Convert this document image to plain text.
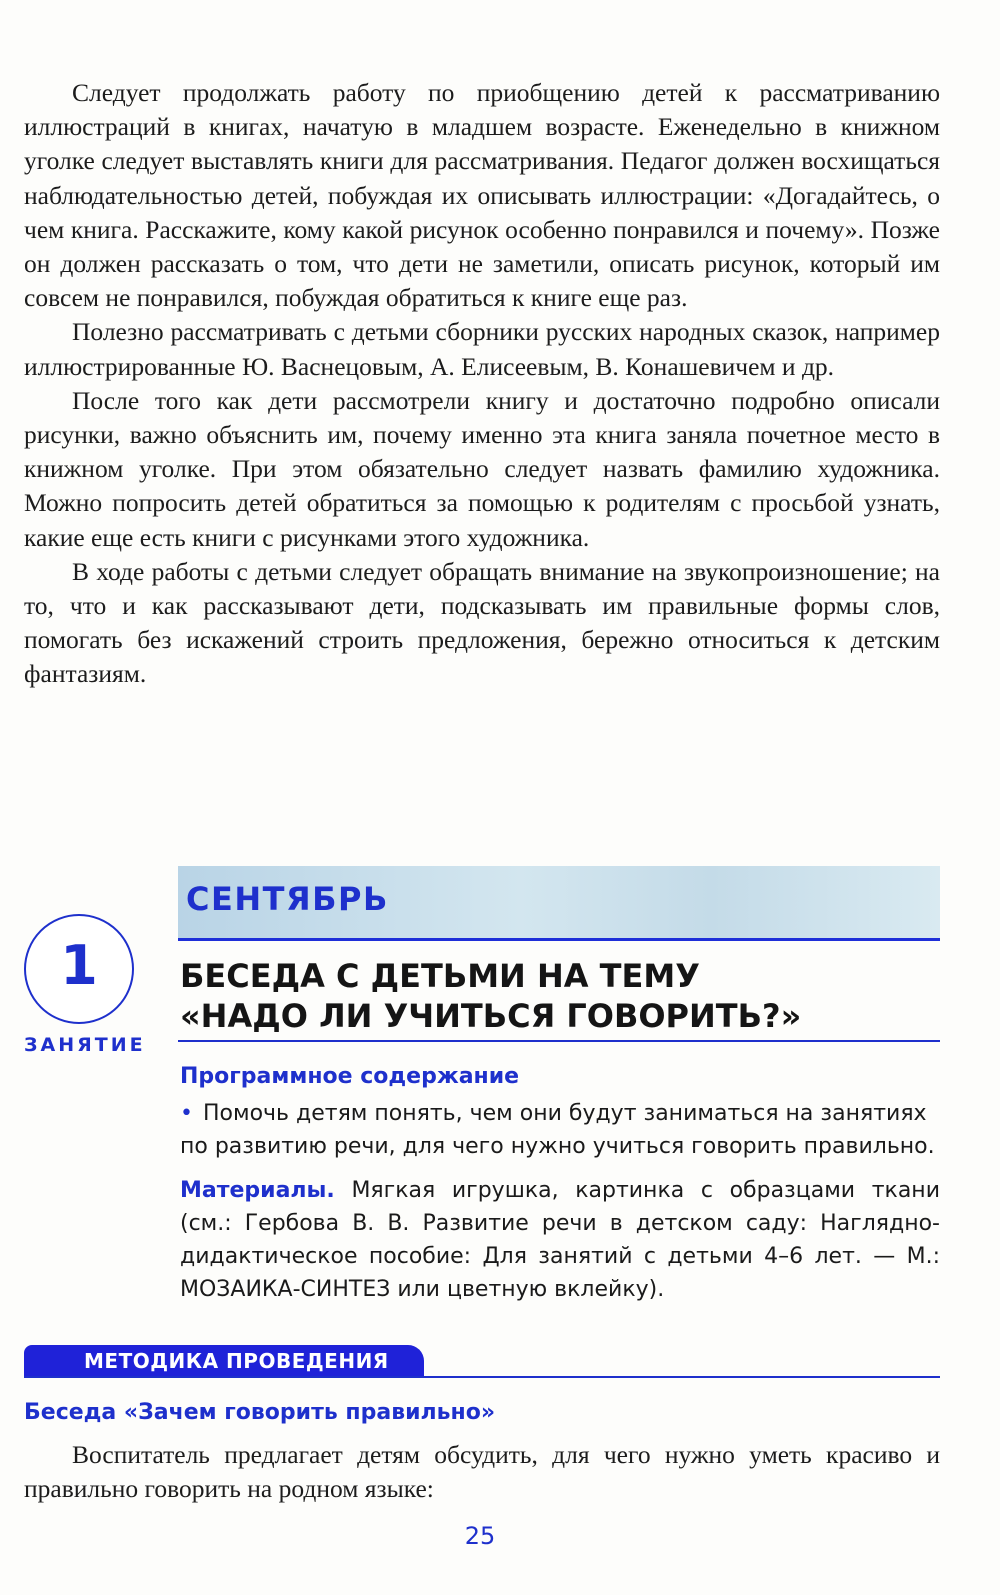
Следует продолжать работу по приобщению детей к рассматриванию иллюстраций в книгах, начатую в младшем возрасте. Еженедельно в книжном уголке следует выставлять книги для рассматривания. Педагог должен восхищаться наблюдательностью детей, побуждая их описывать иллюстрации: «Догадайтесь, о чем книга. Расскажите, кому какой рисунок особенно понравился и почему». Позже он должен рассказать о том, что дети не заметили, описать рисунок, который им совсем не понравился, побуждая обратиться к книге еще раз.

Полезно рассматривать с детьми сборники русских народных сказок, например иллюстрированные Ю. Васнецовым, А. Елисеевым, В. Конашевичем и др.

После того как дети рассмотрели книгу и достаточно подробно описали рисунки, важно объяснить им, почему именно эта книга заняла почетное место в книжном уголке. При этом обязательно следует назвать фамилию художника. Можно попросить детей обратиться за помощью к родителям с просьбой узнать, какие еще есть книги с рисунками этого художника.

В ходе работы с детьми следует обращать внимание на звукопроизношение; на то, что и как рассказывают дети, подсказывать им правильные формы слов, помогать без искажений строить предложения, бережно относиться к детским фантазиям.

СЕНТЯБРЬ
1
ЗАНЯТИЕ
БЕСЕДА С ДЕТЬМИ НА ТЕМУ
«НАДО ЛИ УЧИТЬСЯ ГОВОРИТЬ?»
Программное содержание
• Помочь детям понять, чем они будут заниматься на занятиях по развитию речи, для чего нужно учиться говорить правильно.
Материалы. Мягкая игрушка, картинка с образцами ткани (см.: Гербова В. В. Развитие речи в детском саду: Наглядно-дидактическое пособие: Для занятий с детьми 4–6 лет. — М.: МОЗАИКА-СИНТЕЗ или цветную вклейку).
МЕТОДИКА ПРОВЕДЕНИЯ
Беседа «Зачем говорить правильно»

Воспитатель предлагает детям обсудить, для чего нужно уметь красиво и правильно говорить на родном языке:

25
